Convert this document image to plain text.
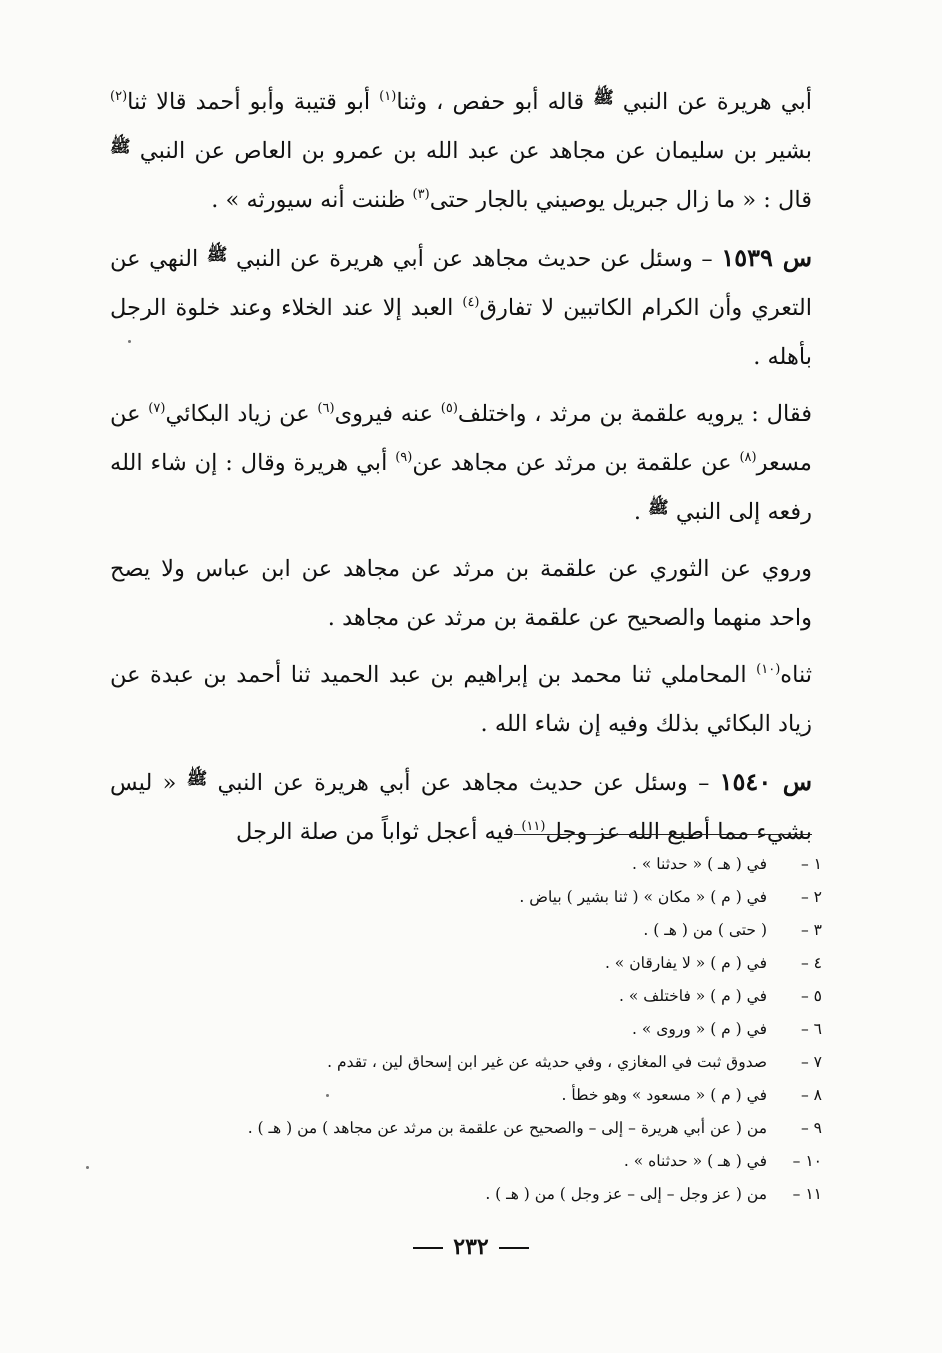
أبي هريرة عن النبي $^ﷺ$ قاله أبو حفص ، وثنا$^{(١)}$ أبو قتيبة وأبو أحمد قالا ثنا$^{(٢)}$ بشير بن سليمان عن مجاهد عن عبد الله بن عمرو بن العاص عن النبي $^ﷺ$ قال : « ما زال جبريل يوصيني بالجار حتى$^{(٣)}$ ظننت أنه سيورثه » .

س ١٥٣٩ – وسئل عن حديث مجاهد عن أبي هريرة عن النبي $^ﷺ$ النهي عن التعري وأن الكرام الكاتبين لا تفارق$^{(٤)}$ العبد إلا عند الخلاء وعند خلوة الرجل بأهله .

فقال : يرويه علقمة بن مرثد ، واختلف$^{(٥)}$ عنه فيروى$^{(٦)}$ عن زياد البكائي$^{(٧)}$ عن مسعر$^{(٨)}$ عن علقمة بن مرثد عن مجاهد عن$^{(٩)}$ أبي هريرة وقال : إن شاء الله رفعه إلى النبي $^ﷺ$ .

وروي عن الثوري عن علقمة بن مرثد عن مجاهد عن ابن عباس ولا يصح واحد منهما والصحيح عن علقمة بن مرثد عن مجاهد .

ثناه$^{(١٠)}$ المحاملي ثنا محمد بن إبراهيم بن عبد الحميد ثنا أحمد بن عبدة عن زياد البكائي بذلك وفيه إن شاء الله .

س ١٥٤٠ – وسئل عن حديث مجاهد عن أبي هريرة عن النبي $^ﷺ$ « ليس بشيء مما أطيع الله عز وجل$^{(١١)}$ فيه أعجل ثواباً من صلة الرجل

١ –
في ( هـ ) « حدثنا » .
٢ –
في ( م ) « مكان » ( ثنا بشير ) بياض .
٣ –
( حتى ) من ( هـ ) .
٤ –
في ( م ) « لا يفارقان » .
٥ –
في ( م ) « فاختلف » .
٦ –
في ( م ) « وروى » .
٧ –
صدوق ثبت في المغازي ، وفي حديثه عن غير ابن إسحاق لين ، تقدم .
٨ –
في ( م ) « مسعود » وهو خطأ .
٩ –
من ( عن أبي هريرة – إلى – والصحيح عن علقمة بن مرثد عن مجاهد ) من ( هـ ) .
١٠ –
في ( هـ ) « حدثناه » .
١١ –
من ( عز وجل – إلى – عز وجل ) من ( هـ ) .
٢٣٢
